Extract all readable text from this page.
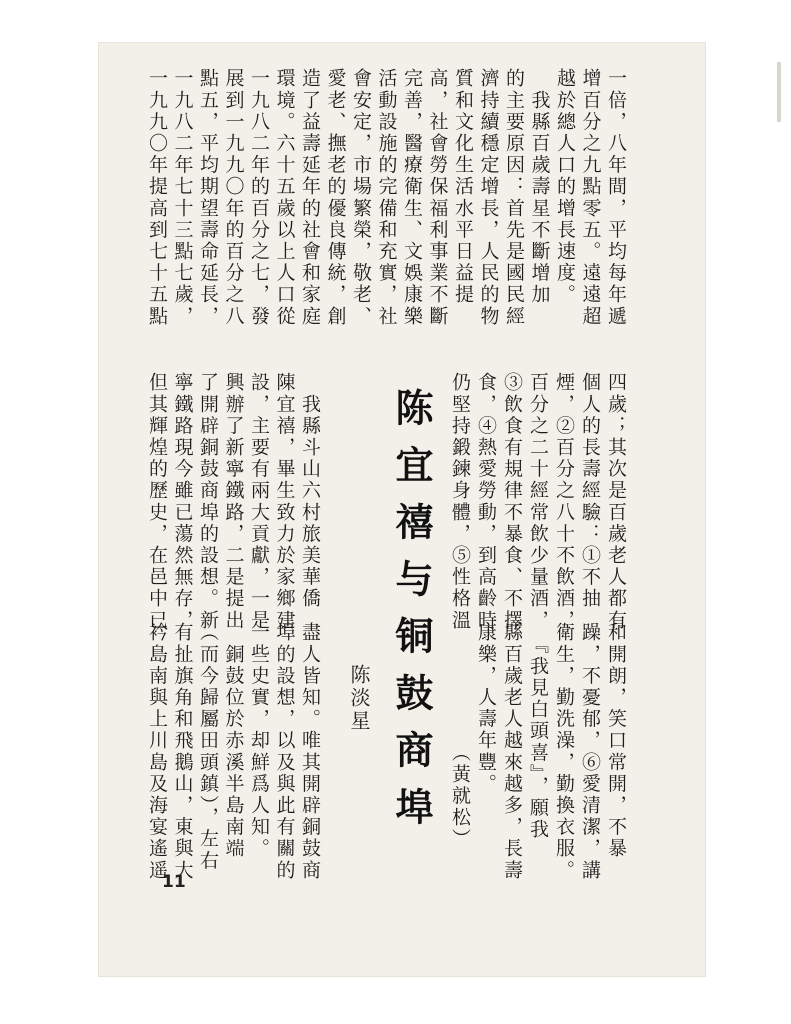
一倍，八年間，平均每年遞
增百分之九點零五。遠遠超
越於總人口的增長速度。
　我縣百歲壽星不斷增加
的主要原因：首先是國民經
濟持續穩定增長，人民的物
質和文化生活水平日益提
高，社會勞保福利事業不斷
完善，醫療衛生、文娛康樂
活動設施的完備和充實，社
會安定，市場繁榮，敬老、
愛老、撫老的優良傳統，創
造了益壽延年的社會和家庭
環境。六十五歲以上人口從
一九八二年的百分之七，發
展到一九九〇年的百分之八
點五，平均期望壽命延長，
一九八二年七十三點七歲，
一九九〇年提高到七十五點
四歲；其次是百歲老人都有
個人的長壽經驗：①不抽
煙，②百分之八十不飲酒，
百分之二十經常飲少量酒，
③飲食有規律不暴食、不擇
食，④熱愛勞動，到高齡時
仍堅持鍛鍊身體，⑤性格溫
　我縣斗山六村旅美華僑
陳宜禧，畢生致力於家鄉建
設，主要有兩大貢獻，一是
興辦了新寧鐵路，二是提出
了開辟銅鼓商埠的設想。新
寧鐵路現今雖已蕩然無存，
但其輝煌的歷史，在邑中已
和開朗，笑口常開，不暴
躁，不憂郁，⑥愛清潔，講
衛生，勤洗澡，勤換衣服。
　『我見白頭喜』，願我
縣百歲老人越來越多，長壽
康樂，人壽年豐。
　　　　　　（黃就松）
盡人皆知。唯其開辟銅鼓商
埠的設想，以及與此有關的
一些史實，却鮮爲人知。
　銅鼓位於赤溪半島南端
（而今歸屬田頭鎮），左右
有扯旗角和飛鵝山，東與大
衿島南與上川島及海宴遙遥	陈宜禧与铜鼓商埠
陈淡星
11
